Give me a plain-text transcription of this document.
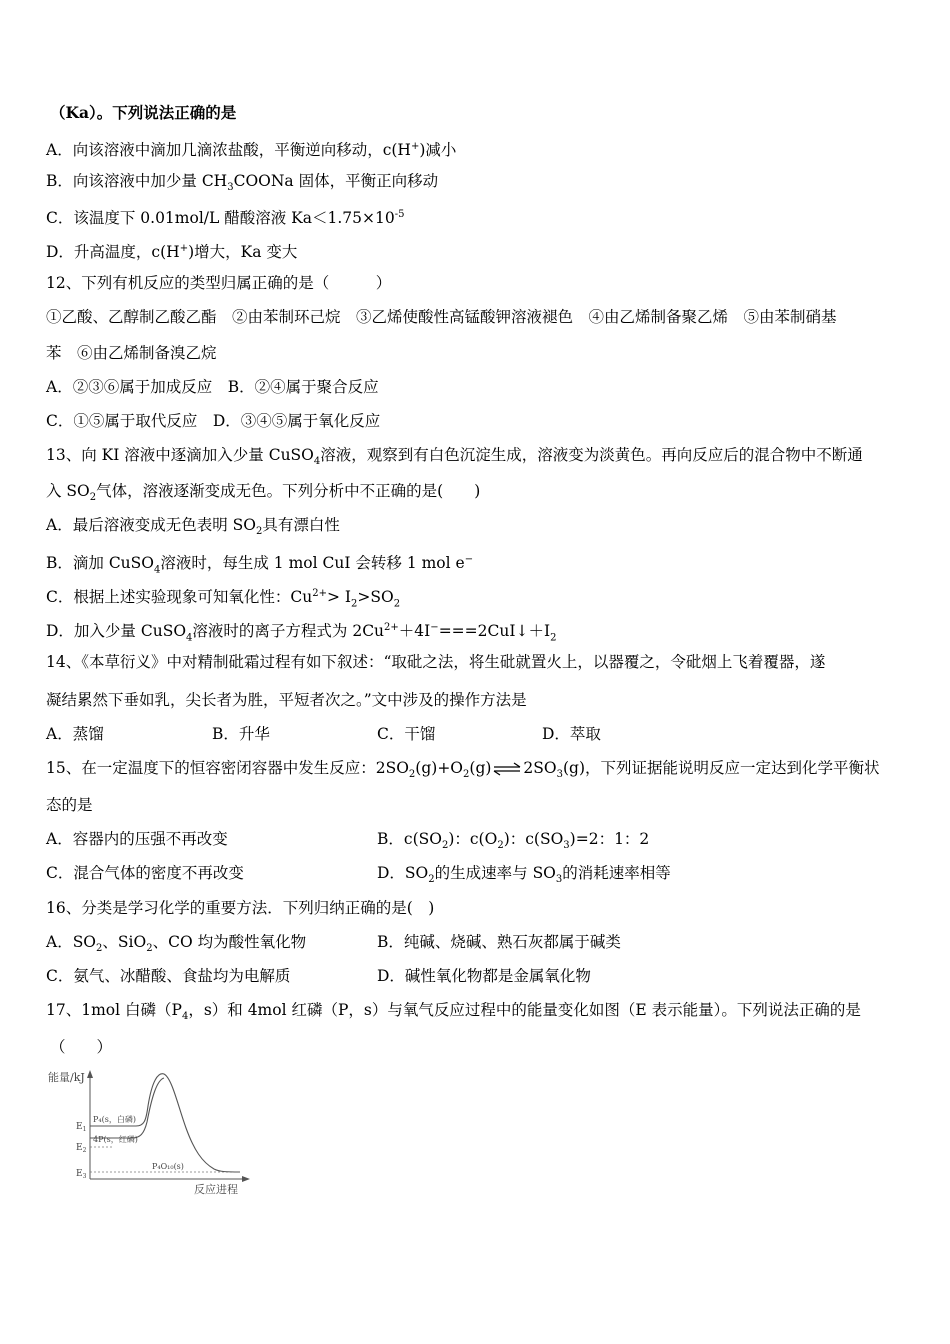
（Ka）。下列说法正确的是
A．向该溶液中滴加几滴浓盐酸，平衡逆向移动，c(H+)减小
B．向该溶液中加少量 $CH_3COONa$ 固体，平衡正向移动
C．该温度下 0.01mol/L 醋酸溶液 $Ka<1.75\times 10^{-5}$
D．升高温度，c(H+)增大，Ka 变大
12、下列有机反应的类型归属正确的是（　　　）
①乙酸、乙醇制乙酸乙酯　②由苯制环己烷　③乙烯使酸性高锰酸钾溶液褪色　④由乙烯制备聚乙烯　⑤由苯制硝基
苯　⑥由乙烯制备溴乙烷
A．②③⑥属于加成反应　B．②④属于聚合反应
C．①⑤属于取代反应　D．③④⑤属于氧化反应
13、向 KI 溶液中逐滴加入少量 CuSO$_4$溶液，观察到有白色沉淀生成，溶液变为淡黄色。再向反应后的混合物中不断通
入 $SO_2$气体，溶液逐渐变成无色。下列分析中不正确的是(　　)
A．最后溶液变成无色表明 $SO_2$具有漂白性
B．滴加 CuSO$_4$溶液时，每生成 1 mol CuI 会转移 1 mol e−
C．根据上述实验现象可知氧化性：$Cu^{2+}> I_2>SO_2$
D．加入少量 CuSO$_4$溶液时的离子方程式为 $2Cu^{2+}+4I^-===2CuI↓+I_2$
14、《本草衍义》中对精制砒霜过程有如下叙述：“取砒之法，将生砒就置火上，以器覆之，令砒烟上飞着覆器，遂
凝结累然下垂如乳，尖长者为胜，平短者次之。”文中涉及的操作方法是
A．蒸馏	B．升华	C．干馏	D．萃取
15、在一定温度下的恒容密闭容器中发生反应：$2SO_2(g)+O_2(g)\rightleftharpoons 2SO_3(g)$，下列证据能说明反应一定达到化学平衡状
态的是
A．容器内的压强不再改变	B．$c(SO_2)$：$c(O_2)$：$c(SO_3)=2$：1：2
C．混合气体的密度不再改变	D．$SO_2$的生成速率与 $SO_3$的消耗速率相等
16、分类是学习化学的重要方法．下列归纳正确的是(　)
A．$SO_2$、SiO$_2$、CO 均为酸性氧化物	B．纯碱、烧碱、熟石灰都属于碱类
C．氨气、冰醋酸、食盐均为电解质	D．碱性氧化物都是金属氧化物
17、1mol 白磷（$P_4$，s）和 4mol 红磷（P，s）与氧气反应过程中的能量变化如图（E 表示能量）。下列说法正确的是
（　　）
能量/kJ
反应进程
$E_1$
$E_2$
$E_3$
P₄(s，白磷)
4P(s，红磷)
P₄O₁₀(s)
